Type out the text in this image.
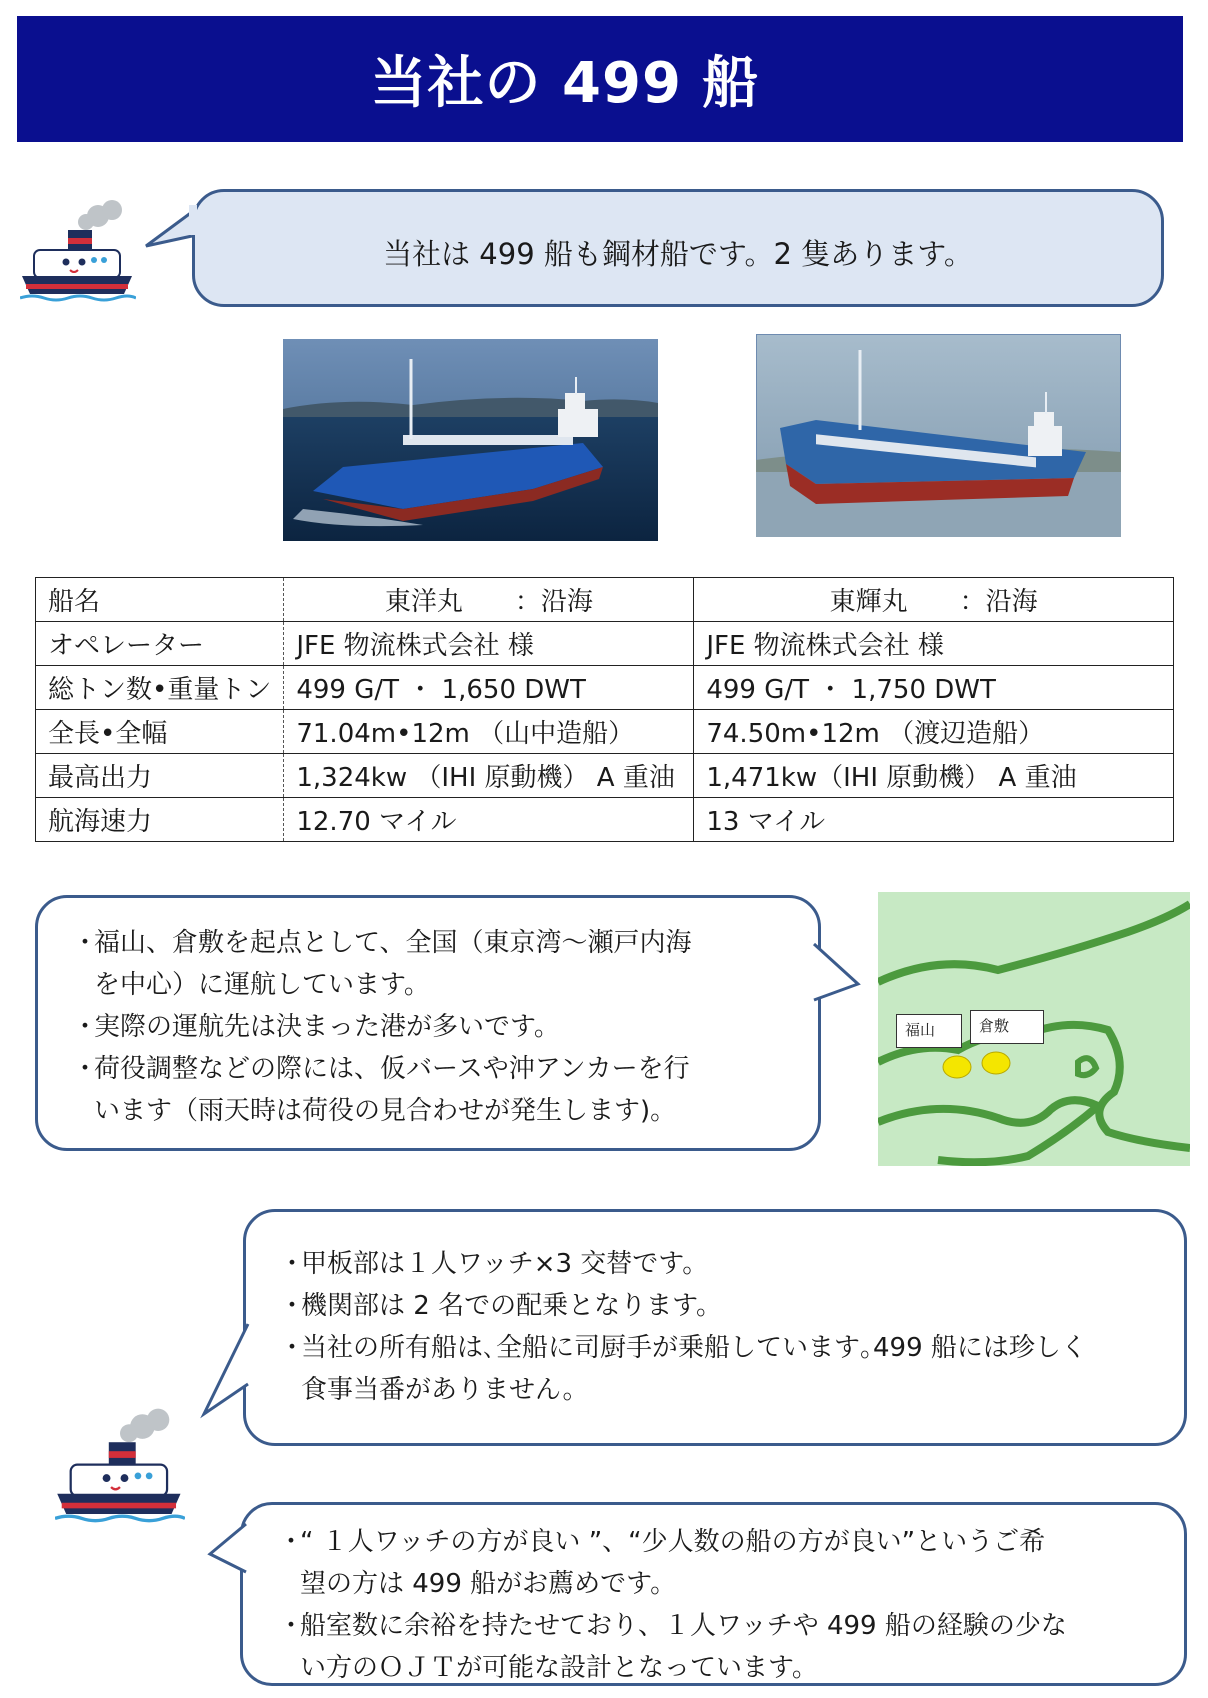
当社の 499 船
当社は 499 船も鋼材船です。2 隻あります。
船名	東洋丸　　：沿海	東輝丸　　：沿海
オペレーター	JFE 物流株式会社 様	JFE 物流株式会社 様
総トン数•重量トン	499 G/T ・ 1,650 DWT	499 G/T ・ 1,750 DWT
全長•全幅	71.04m•12m （山中造船）	74.50m•12m （渡辺造船）
最高出力	1,324kw （IHI 原動機） A 重油	1,471kw（IHI 原動機） A 重油
航海速力	12.70 マイル	13 マイル
・
福山、倉敷を起点として、全国（東京湾～瀬戸内海
を中心）に運航しています。
・
実際の運航先は決まった港が多いです。
・
荷役調整などの際には、仮バースや沖アンカーを行
います（雨天時は荷役の見合わせが発生します)。
福山	倉敷
・
甲板部は１人ワッチ×3 交替です。
・
機関部は 2 名での配乗となります。
・
当社の所有船は､全船に司厨手が乗船しています｡499 船には珍しく
食事当番がありません。
・
“ １人ワッチの方が良い ”、“少人数の船の方が良い”というご希
望の方は 499 船がお薦めです。
・
船室数に余裕を持たせており、１人ワッチや 499 船の経験の少な
い方のＯＪＴが可能な設計となっています。
